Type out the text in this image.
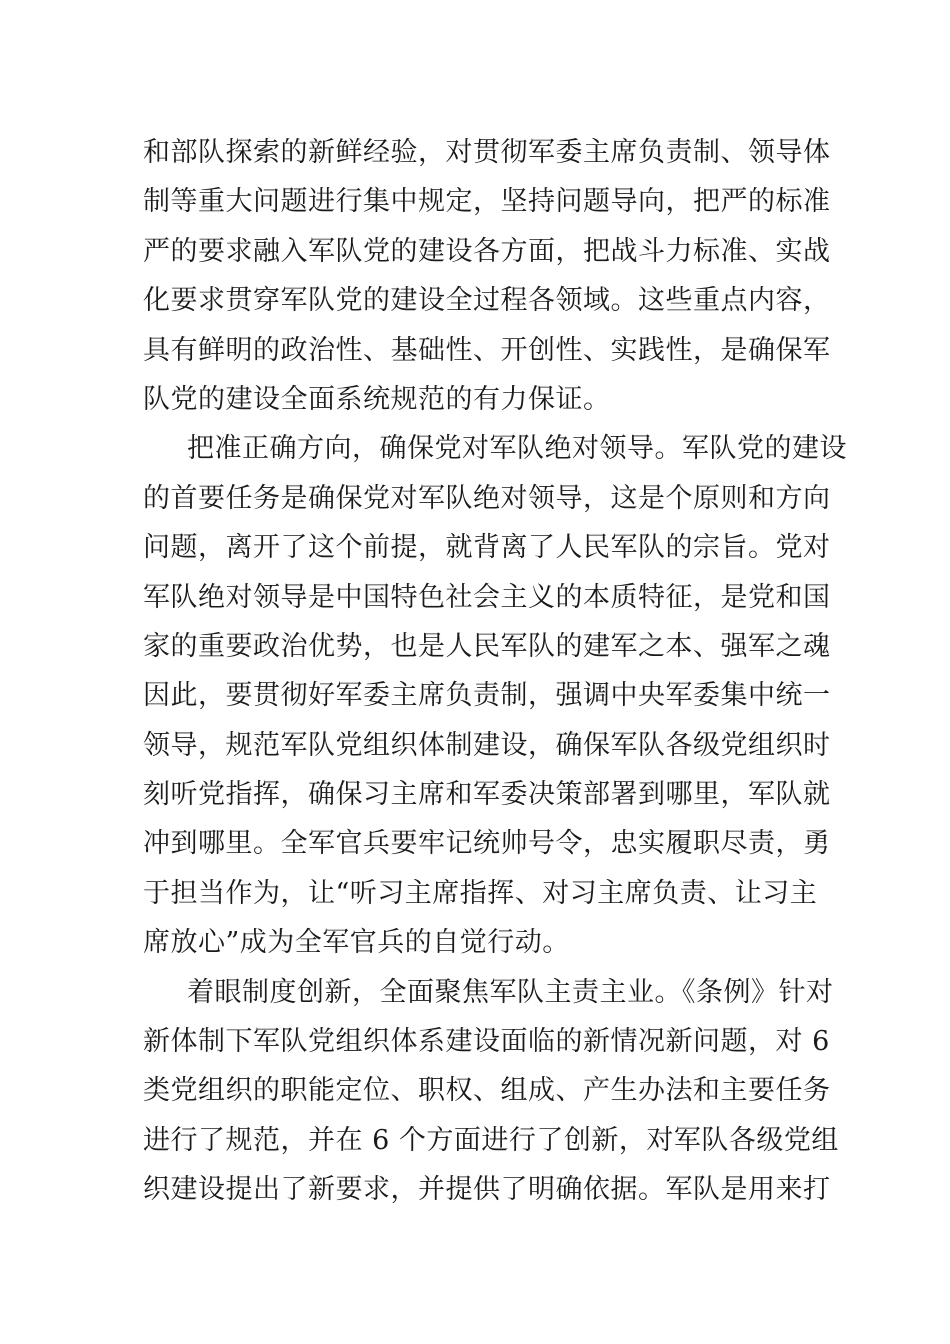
和部队探索的新鲜经验，对贯彻军委主席负责制、领导体
制等重大问题进行集中规定，坚持问题导向，把严的标准
严的要求融入军队党的建设各方面，把战斗力标准、实战
化要求贯穿军队党的建设全过程各领域。这些重点内容，
具有鲜明的政治性、基础性、开创性、实践性，是确保军
队党的建设全面系统规范的有力保证。
把准正确方向，确保党对军队绝对领导。军队党的建设
的首要任务是确保党对军队绝对领导，这是个原则和方向
问题，离开了这个前提，就背离了人民军队的宗旨。党对
军队绝对领导是中国特色社会主义的本质特征，是党和国
家的重要政治优势，也是人民军队的建军之本、强军之魂
因此，要贯彻好军委主席负责制，强调中央军委集中统一
领导，规范军队党组织体制建设，确保军队各级党组织时
刻听党指挥，确保习主席和军委决策部署到哪里，军队就
冲到哪里。全军官兵要牢记统帅号令，忠实履职尽责，勇
于担当作为，让“听习主席指挥、对习主席负责、让习主
席放心”成为全军官兵的自觉行动。
着眼制度创新，全面聚焦军队主责主业。《条例》针对
新体制下军队党组织体系建设面临的新情况新问题，对 6
类党组织的职能定位、职权、组成、产生办法和主要任务
进行了规范，并在 6 个方面进行了创新，对军队各级党组
织建设提出了新要求，并提供了明确依据。军队是用来打
